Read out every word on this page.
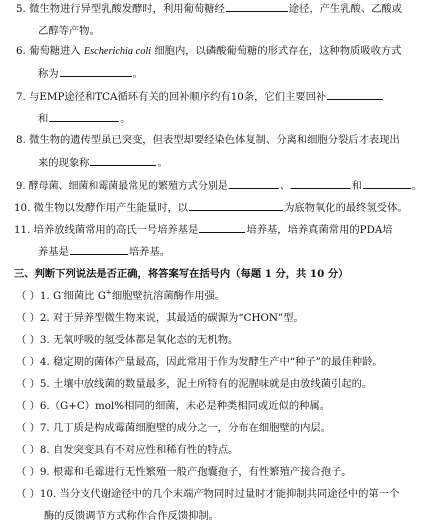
5. 微生物进行异型乳酸发酵时，利用葡萄糖经	途径，产生乳酸、乙酸或
乙醇等产物。
6. 葡萄糖进入 Escherichia coli 细胞内，以磷酸葡萄糖的形式存在，这种物质吸收方式
称为	。
7. 与EMP途径和TCA循环有关的回补顺序约有10条，它们主要回补
和	。
8. 微生物的遗传型虽已突变，但表型却要经染色体复制、分离和细胞分裂后才表现出
来的现象称	。
9. 酵母菌、细菌和霉菌最常见的繁殖方式分别是	、	和	。
10. 微生物以发酵作用产生能量时，以	为底物氧化的最终氢受体。
11. 培养放线菌常用的高氏一号培养基是	培养基，培养真菌常用的PDA培
养基是	培养基。
三、判断下列说法是否正确，将答案写在括号内（每题 1 分，共 10 分）
（ ）1. G-细菌比 G+细胞壁抗溶菌酶作用强。
（ ）2. 对于异养型微生物来说，其最适的碳源为“CHON”型。
（ ）3. 无氧呼吸的氢受体都是氧化态的无机物。
（ ）4. 稳定期的菌体产量最高，因此常用于作为发酵生产中“种子”的最佳种龄。
（ ）5. 土壤中放线菌的数量最多，泥土所特有的泥腥味就是由放线菌引起的。
（ ）6.（G+C）mol%相同的细菌，未必是种类相同或近似的种属。
（ ）7. 几丁质是构成霉菌细胞壁的成分之一，分布在细胞壁的内层。
（ ）8. 自发突变具有不对应性和稀有性的特点。
（ ）9. 根霉和毛霉进行无性繁殖一般产孢囊孢子，有性繁殖产接合孢子。
（ ）10. 当分支代谢途径中的几个末端产物同时过量时才能抑制共同途径中的第一个
酶的反馈调节方式称作合作反馈抑制。
